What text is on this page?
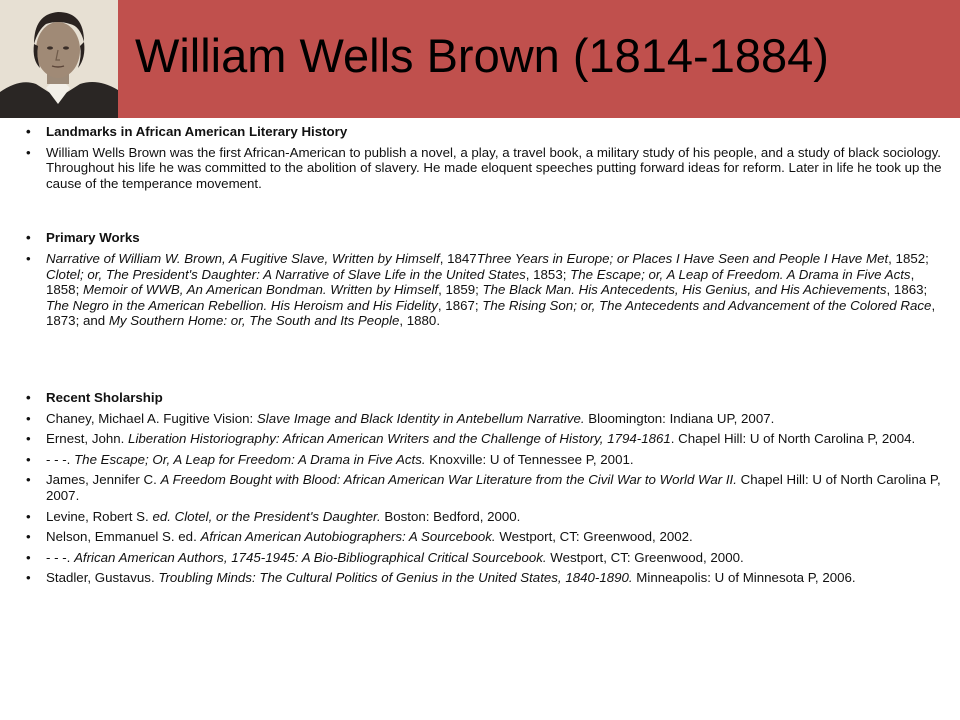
William Wells Brown (1814-1884)
• Landmarks in African American Literary History
• William Wells Brown was the first African-American to publish a novel, a play, a travel book, a military study of his people, and a study of black sociology. Throughout his life he was committed to the abolition of slavery. He made eloquent speeches putting forward ideas for reform. Later in life he took up the cause of the temperance movement.
• Primary Works
• Narrative of William W. Brown, A Fugitive Slave, Written by Himself, 1847Three Years in Europe; or Places I Have Seen and People I Have Met, 1852; Clotel; or, The President's Daughter: A Narrative of Slave Life in the United States, 1853; The Escape; or, A Leap of Freedom. A Drama in Five Acts, 1858; Memoir of WWB, An American Bondman. Written by Himself, 1859; The Black Man. His Antecedents, His Genius, and His Achievements, 1863; The Negro in the American Rebellion. His Heroism and His Fidelity, 1867; The Rising Son; or, The Antecedents and Advancement of the Colored Race, 1873; and My Southern Home: or, The South and Its People, 1880.
• Recent Sholarship
• Chaney, Michael A. Fugitive Vision: Slave Image and Black Identity in Antebellum Narrative. Bloomington: Indiana UP, 2007.
• Ernest, John. Liberation Historiography: African American Writers and the Challenge of History, 1794-1861. Chapel Hill: U of North Carolina P, 2004.
• - - -. The Escape; Or, A Leap for Freedom: A Drama in Five Acts. Knoxville: U of Tennessee P, 2001.
• James, Jennifer C. A Freedom Bought with Blood: African American War Literature from the Civil War to World War II. Chapel Hill: U of North Carolina P, 2007.
• Levine, Robert S. ed. Clotel, or the President's Daughter. Boston: Bedford, 2000.
• Nelson, Emmanuel S. ed. African American Autobiographers: A Sourcebook. Westport, CT: Greenwood, 2002.
• - - -. African American Authors, 1745-1945: A Bio-Bibliographical Critical Sourcebook. Westport, CT: Greenwood, 2000.
• Stadler, Gustavus. Troubling Minds: The Cultural Politics of Genius in the United States, 1840-1890. Minneapolis: U of Minnesota P, 2006.
